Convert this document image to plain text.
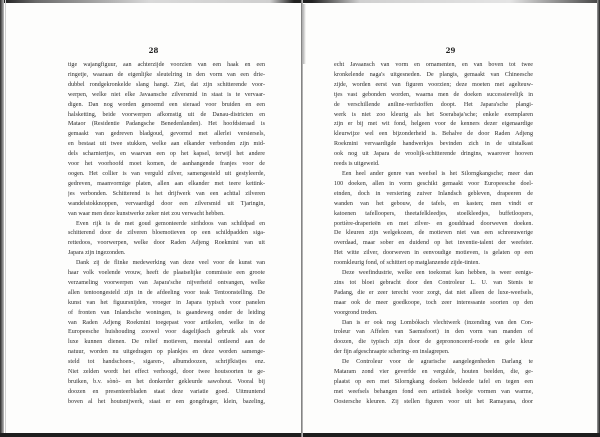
28
tige wajangfiguur, aan achterzijde voorzien van een haak en een
ringetje, waaraan de eigenlijke sleutelring in den vorm van een drie-
dubbel rondgekronkelde slang hangt. Ziet, dat zijn schitterende voor-
werpen, welke niet elke Javaansche zilversmid in staat is te vervaar-
digen. Dan nog worden genoemd een sieraad voor bruiden en een
halsketting, beide voorwerpen afkomstig uit de Danau-districten en
Mataor (Residentie Padangsche Benedenlanden). Het hoofdsieraad is
gemaakt van gedreven bladgoud, gevormd met allerlei versiersels,
en bestaat uit twee stukken, welke aan elkander verbonden zijn mid-
dels scharniertjes, en waarvan een op het kapsel, terwijl het andere
voor het voorhoofd moet komen, de aanhangende franjes voor de
oogen. Het collier is van verguld zilver, samengesteld uit gestyleerde,
gedreven, maanvormige platen, allen aan elkander met teere kettink-
jes verbonden. Schitterend is het drijfwerk van een achttal zilveren
wandelstokknoppen, vervaardigd door een zilversmid uit Tjaringin,
van waar men deze kunstwerke zeker niet zou verwacht hebben.
Even rijk is de met goud gemonteerde sirihdoos van schildpad en
schitterend door de zilveren bloemotieven op een schildpadden siga-
rettedoos, voorwerpen, welke door Raden Adjeng Roekmini van uit
Japara zijn ingezonden.
Dank zij de flinke medewerking van deze veel voor de kunst van
haar volk voelende vrouw, heeft de plaatselijke commissie een groote
verzameling voorwerpen van Japara'sche nijverheid ontvangen, welke
allen tentoongesteld zijn in de afdeeling voor teak Tentoonstelling. De
kunst van het figuursnijden, vroeger in Japara typisch voor panelen
of fronten van Inlandsche woningen, is gaandeweg onder de leiding
van Raden Adjeng Roekmini toegepast voor artikelen, welke in de
Europeesche huishouding zoowel voor dagelijksch gebruik als voor
luxe kunnen dienen. De relief motieven, meestal ontleend aan de
natuur, worden nu uitgedragen op plankjes en deze worden samenge-
steld tot handschoen-, sigaren-, albumdoozen, schrijfkistjes enz.
Niet zelden wordt het effect verhoogd, door twee houtsoorten te ge-
bruiken, b.v. sònò- en het donkerder gekleurde sawohout. Vooral bij
doozen en presenteerbladen staat deze variatie goed. Uitmuntend
boven al het houtsnijwerk, staat er een gongdrager, klein, bazeling,
29
echt Javaansch van vorm en ornamenten, en van boven tot twee
kronkelende naga's uitgesneden. De plangis, gemaakt van Chineesche
zijde, worden eerst van figuren voorzien; deze moeten met agelteuw-
tjes vast gebonden worden, waarna men de doeken successievelijk in
de verschillende aniline-verfstoffen doopt. Het Japara'sche plangi-
werk is niet zoo kleurig als het Soerabaja'sche; enkele exemplaren
zijn er bij met wit fond, helgeen voor de kenners dezer eigenaardige
kleurwijze wel een bijzonderheid is. Behalve de door Raden Adjeng
Roekmini vervaardigde handwerkjes bevinden zich in de uitstalkast
ook nog uit Japara de vroolijk-schitterende dringins, waarover hooven
reeds is uitgeweid.
Een heel ander genre van weefsel is het Silorngkangsche; meer dan
100 doeken, allen in vorm geschikt gemaakt voor Europeesche doel-
einden, doch in versiering zuiver Inlandsch gebleven, drapeeren de
wanden van het gebouw, de tafels, en kasten; men vindt er
katoenen tafelloopers, theetafelkleedjes, stoelkleedjes, buffetloopers,
portière-draperieën en met zilver- en gouddraad doorweven doeken.
De kleuren zijn welgekozen, de motieven niet van een schreeuwerige
overdaad, maar sober en duidend op het inventie-talent der weefster.
Het witte zilver, doorweven in eenvoudige motieven, is gelaten op een
roomkleurig fond, of schittert op matglanzende zijde-tinten.
Deze weefindustrie, welke een toekomst kan hebben, is weer eenigs-
zins tot bloei gebracht door den Controleur L. U. van Stenis te
Padang, die er zeer terecht voor zorgt, dat niet alleen de luxe-weefsels,
maar ook de meer goedkoope, toch zeer interessante soorten op den
voorgrond treden.
Dan is er ook nog Lombóksch vlechtwerk (inzending van den Con-
troleur van Affelen van Saemsfoort) in den vorm van manden of
doozen, die typisch zijn door de geprononceerd-roode en gele kleur
der fijn afgeschraapte schering- en inslagrepen.
De Controleur voor de agrarische aangelegenheden Darlang te
Mataram zond vier geverfde en vergulde, houten beelden, die, ge-
plaatst op een met Silorngkang doeken bekleede tafel en tegen een
met weefsels behangen fond een artistiek hoekje vormen van warme,
Oostersche kleuren. Zij stellen figuren voor uit het Ramayana, door
